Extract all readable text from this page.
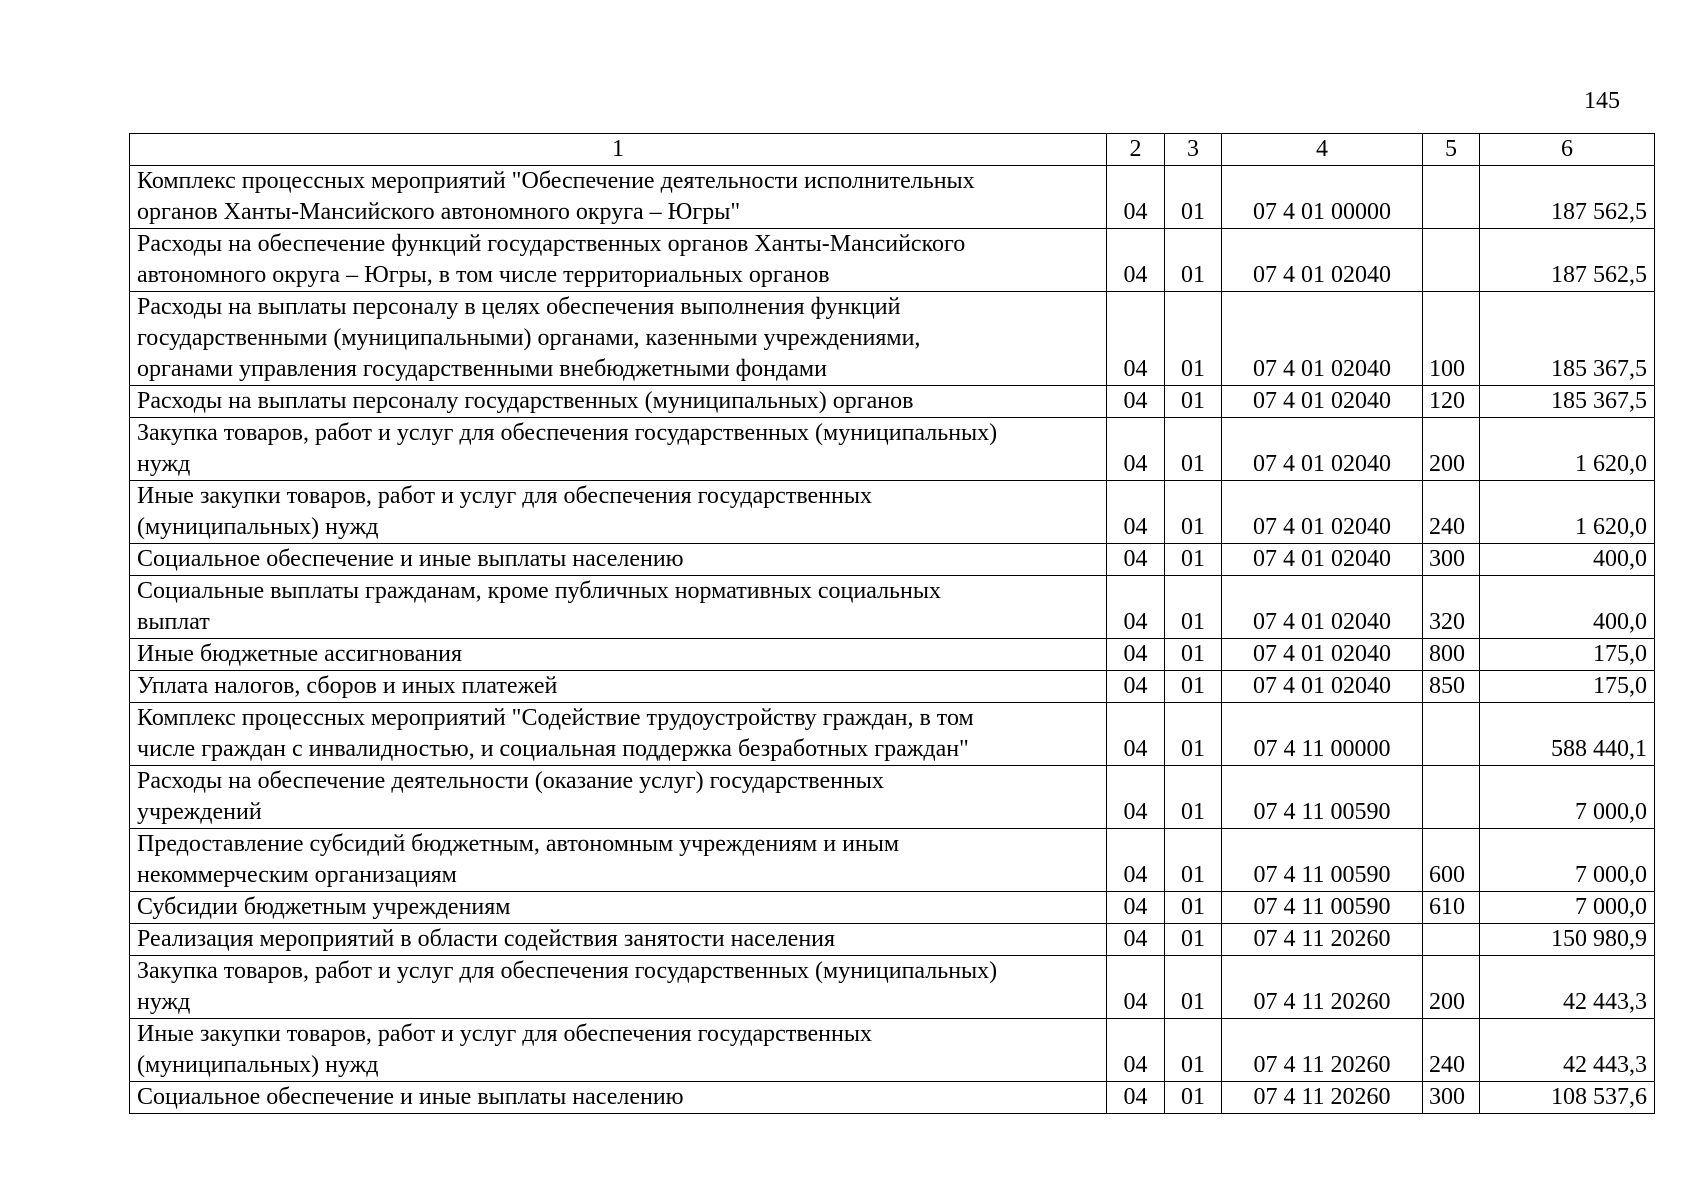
145
1	2	3	4	5	6

Комплекс процессных мероприятий "Обеспечение деятельности исполнительных
органов Ханты-Мансийского автономного округа – Югры"	04	01	07 4 01 00000		187 562,5

Расходы на обеспечение функций государственных органов Ханты-Мансийского
автономного округа – Югры, в том числе территориальных органов	04	01	07 4 01 02040		187 562,5

Расходы на выплаты персоналу в целях обеспечения выполнения функций
государственными (муниципальными) органами, казенными учреждениями,
органами управления государственными внебюджетными фондами	04	01	07 4 01 02040	100	185 367,5

Расходы на выплаты персоналу государственных (муниципальных) органов	04	01	07 4 01 02040	120	185 367,5

Закупка товаров, работ и услуг для обеспечения государственных (муниципальных)
нужд	04	01	07 4 01 02040	200	1 620,0

Иные закупки товаров, работ и услуг для обеспечения государственных
(муниципальных) нужд	04	01	07 4 01 02040	240	1 620,0

Социальное обеспечение и иные выплаты населению	04	01	07 4 01 02040	300	400,0

Социальные выплаты гражданам, кроме публичных нормативных социальных
выплат	04	01	07 4 01 02040	320	400,0

Иные бюджетные ассигнования	04	01	07 4 01 02040	800	175,0

Уплата налогов, сборов и иных платежей	04	01	07 4 01 02040	850	175,0

Комплекс процессных мероприятий "Содействие трудоустройству граждан, в том
числе граждан с инвалидностью, и социальная поддержка безработных граждан"	04	01	07 4 11 00000		588 440,1

Расходы на обеспечение деятельности (оказание услуг) государственных
учреждений	04	01	07 4 11 00590		7 000,0

Предоставление субсидий бюджетным, автономным учреждениям и иным
некоммерческим организациям	04	01	07 4 11 00590	600	7 000,0

Субсидии бюджетным учреждениям	04	01	07 4 11 00590	610	7 000,0

Реализация мероприятий в области содействия занятости населения	04	01	07 4 11 20260		150 980,9

Закупка товаров, работ и услуг для обеспечения государственных (муниципальных)
нужд	04	01	07 4 11 20260	200	42 443,3

Иные закупки товаров, работ и услуг для обеспечения государственных
(муниципальных) нужд	04	01	07 4 11 20260	240	42 443,3

Социальное обеспечение и иные выплаты населению	04	01	07 4 11 20260	300	108 537,6
